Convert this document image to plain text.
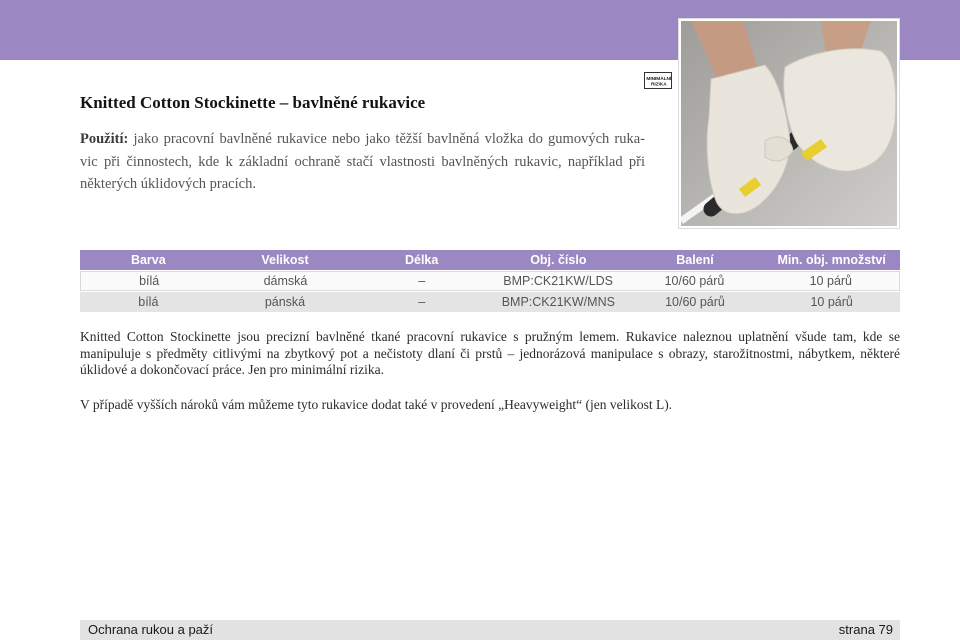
MINIMÁLNÍ
RIZIKA
Knitted Cotton Stockinette – bavlněné rukavice
Použití: jako pracovní bavlněné rukavice nebo jako těžší bavlněná vložka do gumových ruka-
vic při činnostech, kde k základní ochraně stačí vlastnosti bavlněných rukavic, například při
některých úklidových pracích.
Barva	Velikost	Délka	Obj. číslo	Balení	Min. obj. množství
bílá	dámská	–	BMP:CK21KW/LDS	10/60 párů	10 párů
bílá	pánská	–	BMP:CK21KW/MNS	10/60 párů	10 párů
Knitted Cotton Stockinette jsou precizní bavlněné tkané pracovní rukavice s pružným lemem. Rukavice naleznou uplatnění všude tam, kde se
manipuluje s předměty citlivými na zbytkový pot a nečistoty dlaní či prstů – jednorázová manipulace s obrazy, starožitnostmi, nábytkem, některé
úklidové a dokončovací práce. Jen pro minimální rizika.
V případě vyšších nároků vám můžeme tyto rukavice dodat také v provedení „Heavyweight“ (jen velikost L).
Ochrana rukou a paží	strana 79
